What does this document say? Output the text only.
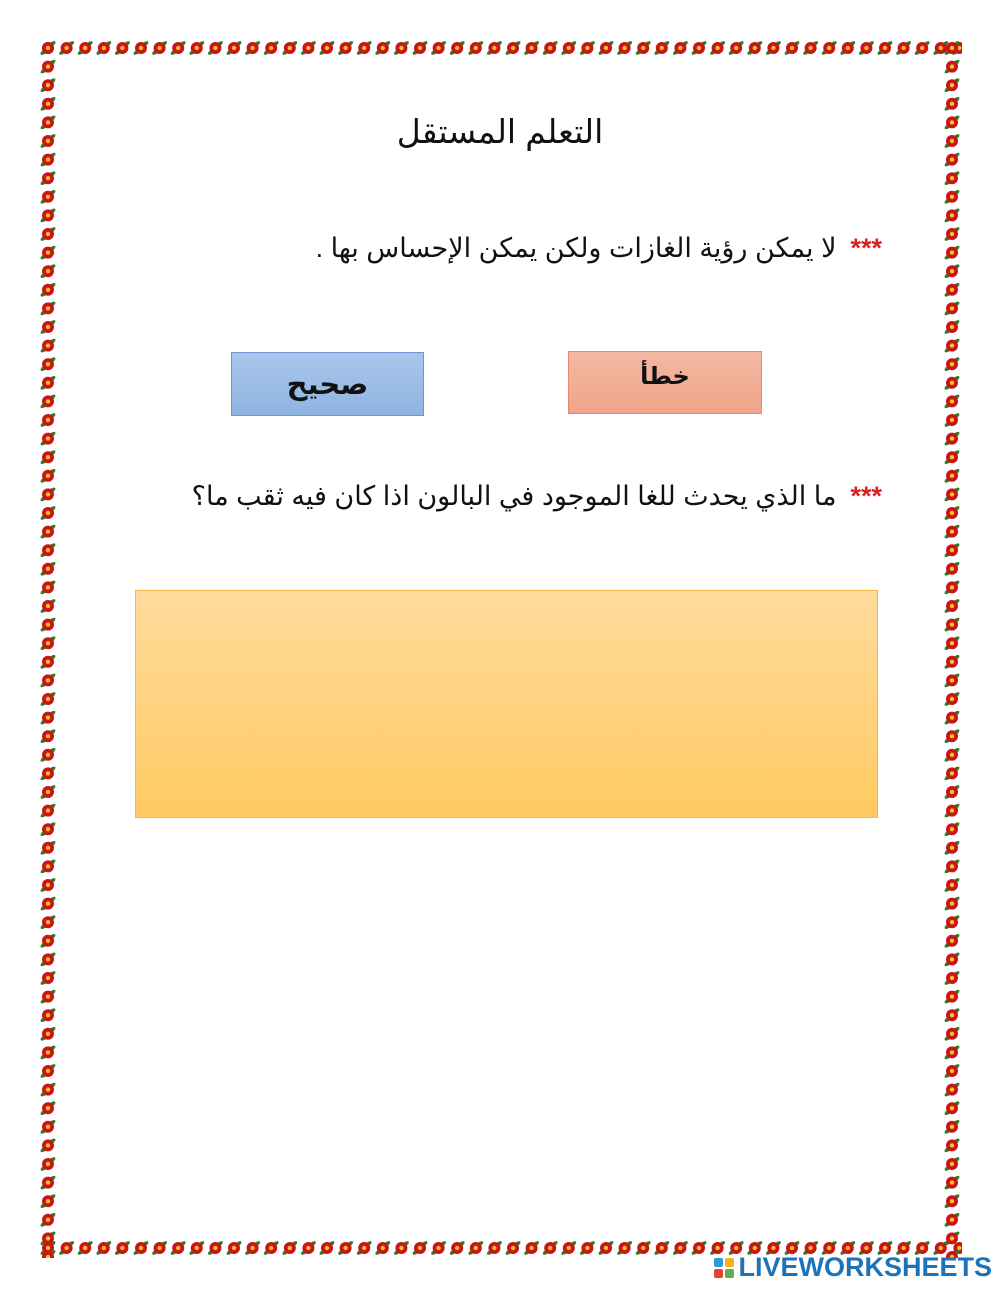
التعلم المستقل
***لا يمكن رؤية الغازات ولكن يمكن الإحساس بها .
خطأ
صحيح
***ما الذي يحدث للغا الموجود في البالون اذا كان فيه ثقب ما؟
LIVEWORKSHEETS
